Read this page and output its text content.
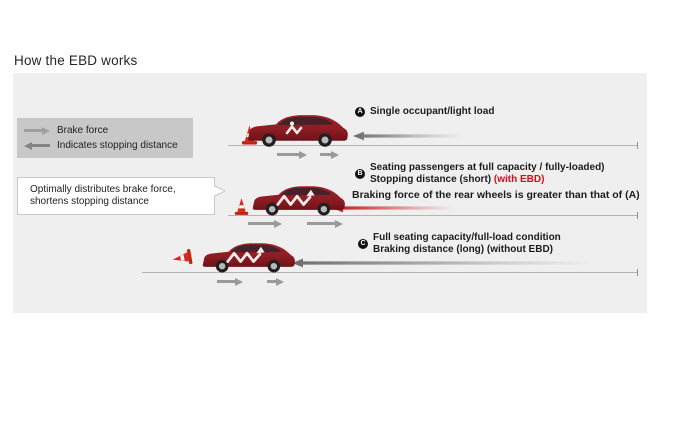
How the EBD works
Brake force
Indicates stopping distance
Optimally distributes brake force,
shortens stopping distance
A Single occupant/light load
B Seating passengers at full capacity / fully-loaded)
Stopping distance (short) (with EBD)
Braking force of the rear wheels is greater than that of (A)
C Full seating capacity/full-load condition
Braking distance (long) (without EBD)
